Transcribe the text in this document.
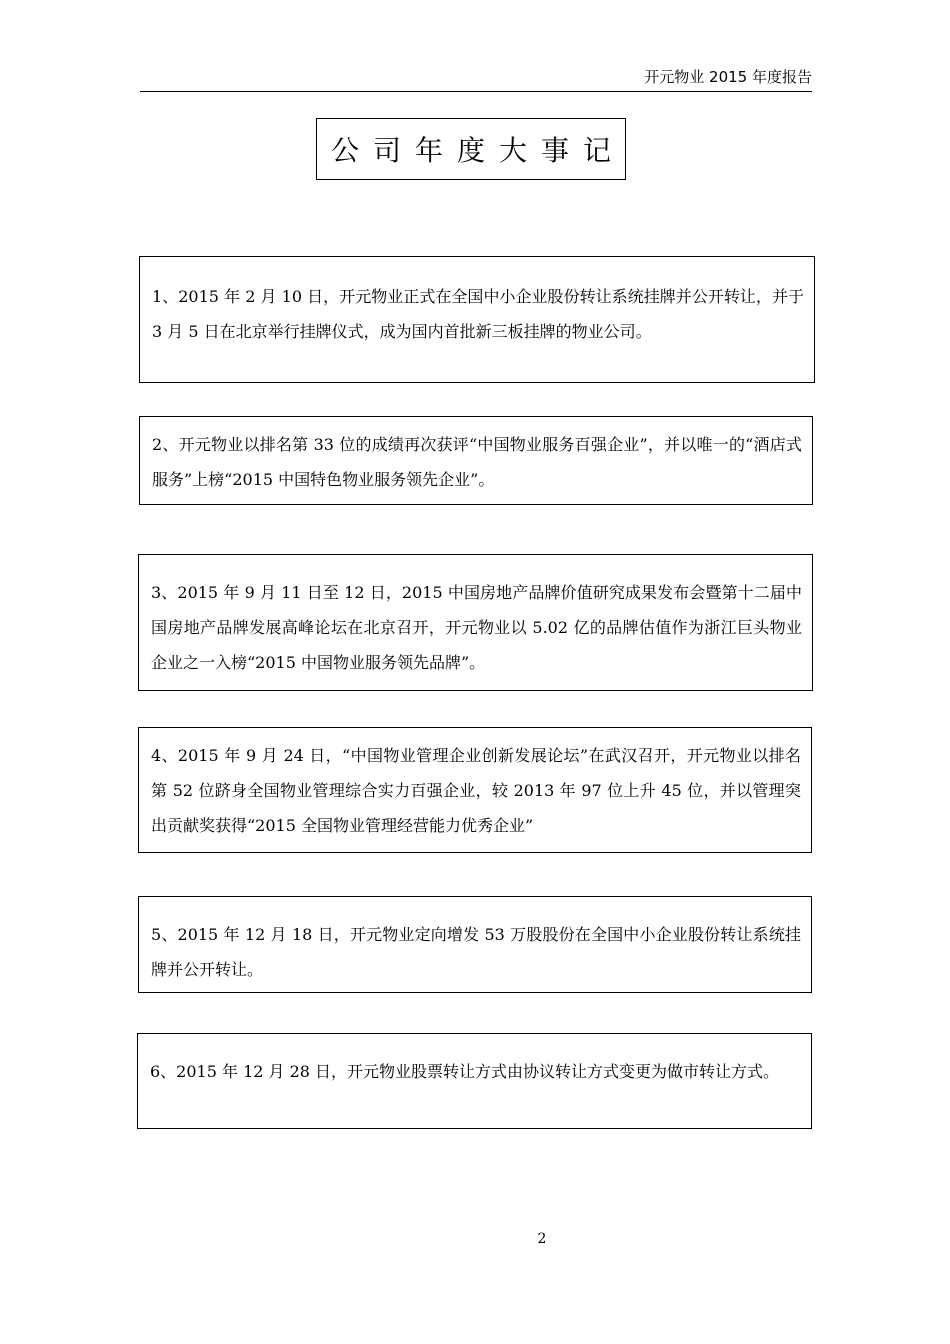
开元物业 2015 年度报告
公司年度大事记
1、2015 年 2 月 10 日，开元物业正式在全国中小企业股份转让系统挂牌并公开转让，并于 3 月 5 日在北京举行挂牌仪式，成为国内首批新三板挂牌的物业公司。
2、开元物业以排名第 33 位的成绩再次获评“中国物业服务百强企业”，并以唯一的“酒店式服务”上榜“2015 中国特色物业服务领先企业”。
3、2015 年 9 月 11 日至 12 日，2015 中国房地产品牌价值研究成果发布会暨第十二届中国房地产品牌发展高峰论坛在北京召开，开元物业以 5.02 亿的品牌估值作为浙江巨头物业企业之一入榜“2015 中国物业服务领先品牌”。
4、2015 年 9 月 24 日，“中国物业管理企业创新发展论坛”在武汉召开，开元物业以排名第 52 位跻身全国物业管理综合实力百强企业，较 2013 年 97 位上升 45 位，并以管理突出贡献奖获得“2015 全国物业管理经营能力优秀企业”
5、2015 年 12 月 18 日，开元物业定向增发 53 万股股份在全国中小企业股份转让系统挂牌并公开转让。
6、2015 年 12 月 28 日，开元物业股票转让方式由协议转让方式变更为做市转让方式。
2
